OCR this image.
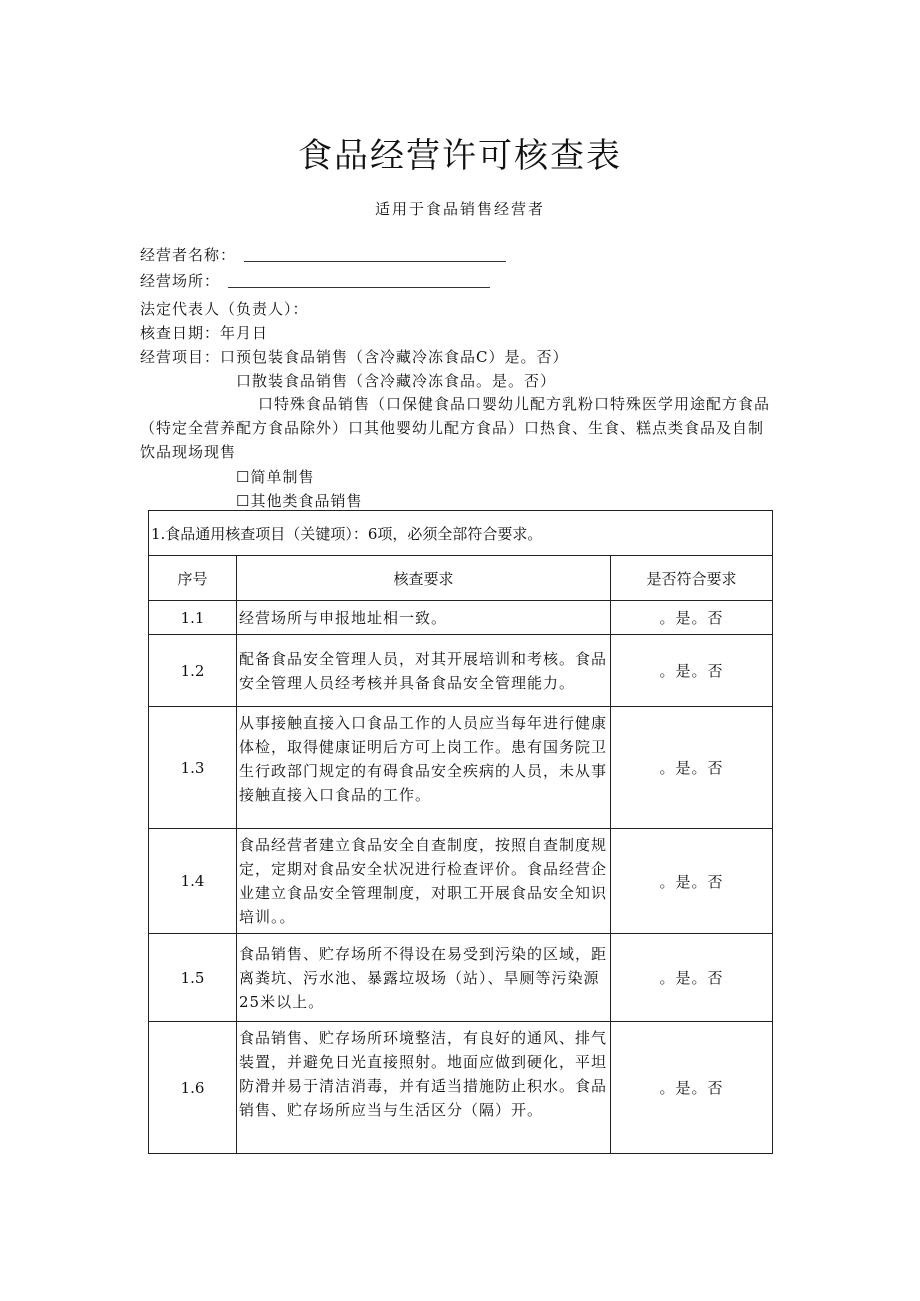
食品经营许可核查表
适用于食品销售经营者
经营者名称：
经营场所：
法定代表人（负责人）：
核查日期：年月日
经营项目：口预包装食品销售（含冷藏冷冻食品C）是。否）
口散装食品销售（含冷藏冷冻食品。是。否）
口特殊食品销售（口保健食品口婴幼儿配方乳粉口特殊医学用途配方食品（特定全营养配方食品除外）口其他婴幼儿配方食品）口热食、生食、糕点类食品及自制饮品现场现售
☐简单制售
☐其他类食品销售
1.食品通用核查项目（关键项）：6项，必须全部符合要求。		
序号	核查要求	是否符合要求
1.1	经营场所与申报地址相一致。	。是。否
1.2	配备食品安全管理人员，对其开展培训和考核。食品安全管理人员经考核并具备食品安全管理能力。	。是。否
1.3	从事接触直接入口食品工作的人员应当每年进行健康体检，取得健康证明后方可上岗工作。患有国务院卫生行政部门规定的有碍食品安全疾病的人员，未从事接触直接入口食品的工作。	。是。否
1.4	食品经营者建立食品安全自查制度，按照自查制度规定，定期对食品安全状况进行检查评价。食品经营企业建立食品安全管理制度，对职工开展食品安全知识培训。。	。是。否
1.5	食品销售、贮存场所不得设在易受到污染的区域，距离粪坑、污水池、暴露垃圾场（站）、旱厕等污染源25米以上。	。是。否
1.6	食品销售、贮存场所环境整洁，有良好的通风、排气装置，并避免日光直接照射。地面应做到硬化，平坦防滑并易于清洁消毒，并有适当措施防止积水。食品销售、贮存场所应当与生活区分（隔）开。	。是。否
